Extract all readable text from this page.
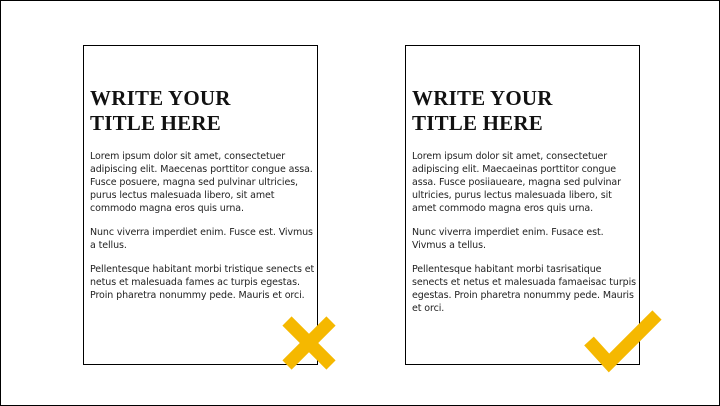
WRITE YOUR
TITLE HERE

Lorem ipsum dolor sit amet, consectetuer adipiscing elit. Maecenas porttitor congue assa. Fusce posuere, magna sed pulvinar ultricies, purus lectus malesuada libero, sit amet commodo magna eros quis urna.

Nunc viverra imperdiet enim. Fusce est. Vivmus a tellus.

Pellentesque habitant morbi tristique senects et netus et malesuada fames ac turpis egestas. Proin pharetra nonummy pede. Mauris et orci.

WRITE YOUR
TITLE HERE

Lorem ipsum dolor sit amet, consectetuer adipiscing elit. Maecaeinas porttitor congue assa. Fusce posiiaueare, magna sed pulvinar ultricies, purus lectus malesuada libero, sit amet commodo magna eros quis urna.

Nunc viverra imperdiet enim. Fusace est. Vivmus a tellus.

Pellentesque habitant morbi tasrisatique senects et netus et malesuada famaeisac turpis egestas. Proin pharetra nonummy pede. Mauris et orci.
